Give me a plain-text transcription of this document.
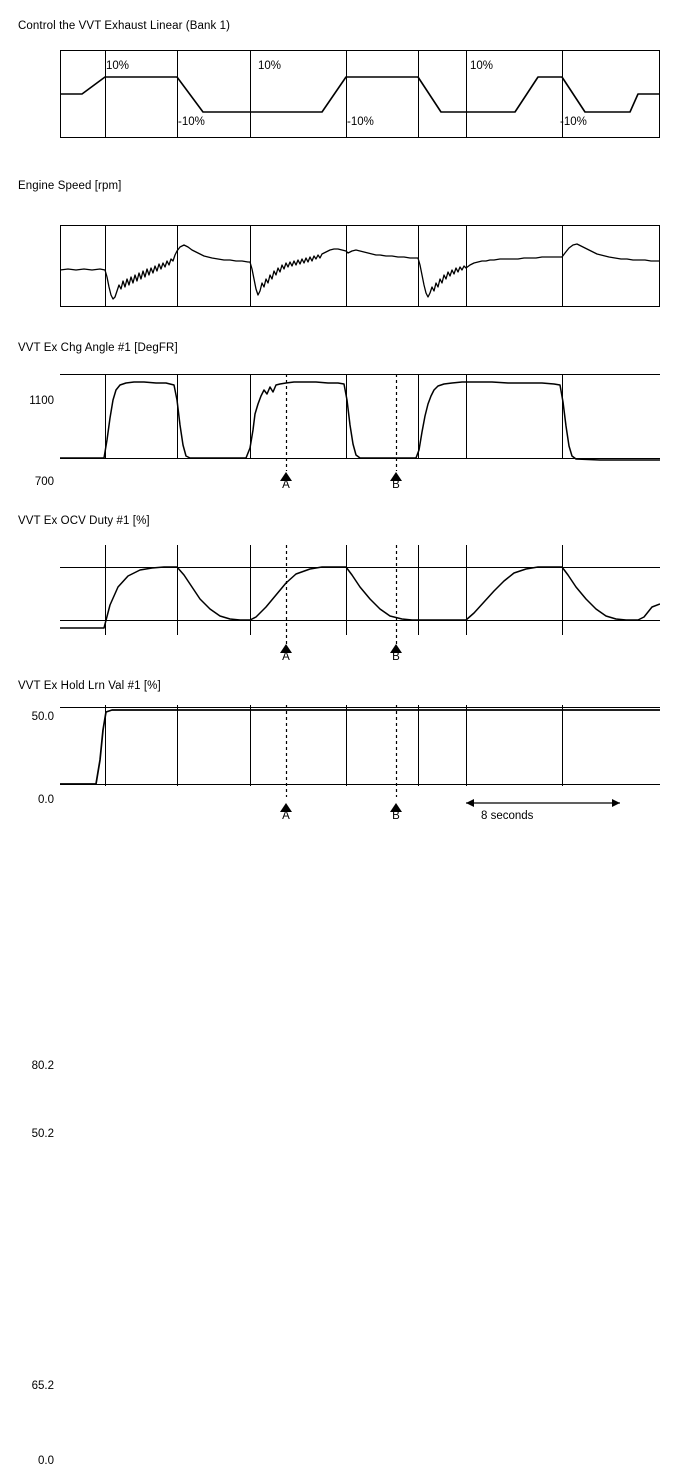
Control the VVT Exhaust Linear (Bank 1)
10%	10%	10%
-10%	-10%	-10%
Engine Speed [rpm]
1100
700
VVT Ex Chg Angle #1 [DegFR]
50.0
0.0
A	B
VVT Ex OCV Duty #1 [%]
80.2
50.2
A	B
VVT Ex Hold Lrn Val #1 [%]
65.2
0.0
A	B	8 seconds
